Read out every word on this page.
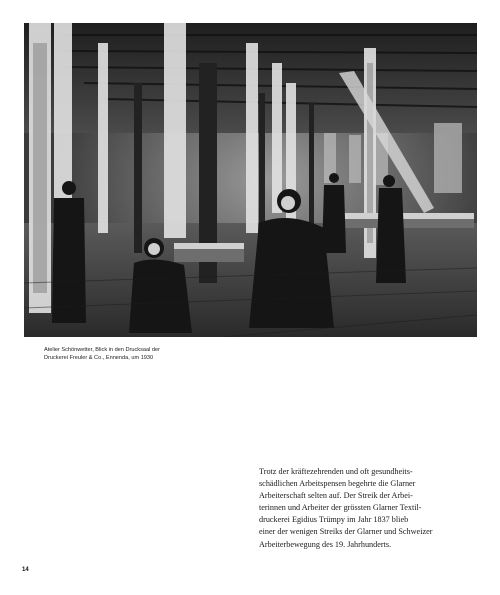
Atelier Schönwetter, Blick in den Drucksaal der
Druckerei Freuler & Co., Ennenda, um 1930
Trotz der kräftezehrenden und oft gesundheits-
schädlichen Arbeitspensen begehrte die Glarner
Arbeiterschaft selten auf. Der Streik der Arbei-
terinnen und Arbeiter der grössten Glarner Textil-
druckerei Egidius Trümpy im Jahr 1837 blieb
einer der wenigen Streiks der Glarner und Schweizer
Arbeiterbewegung des 19. Jahrhunderts.
14
